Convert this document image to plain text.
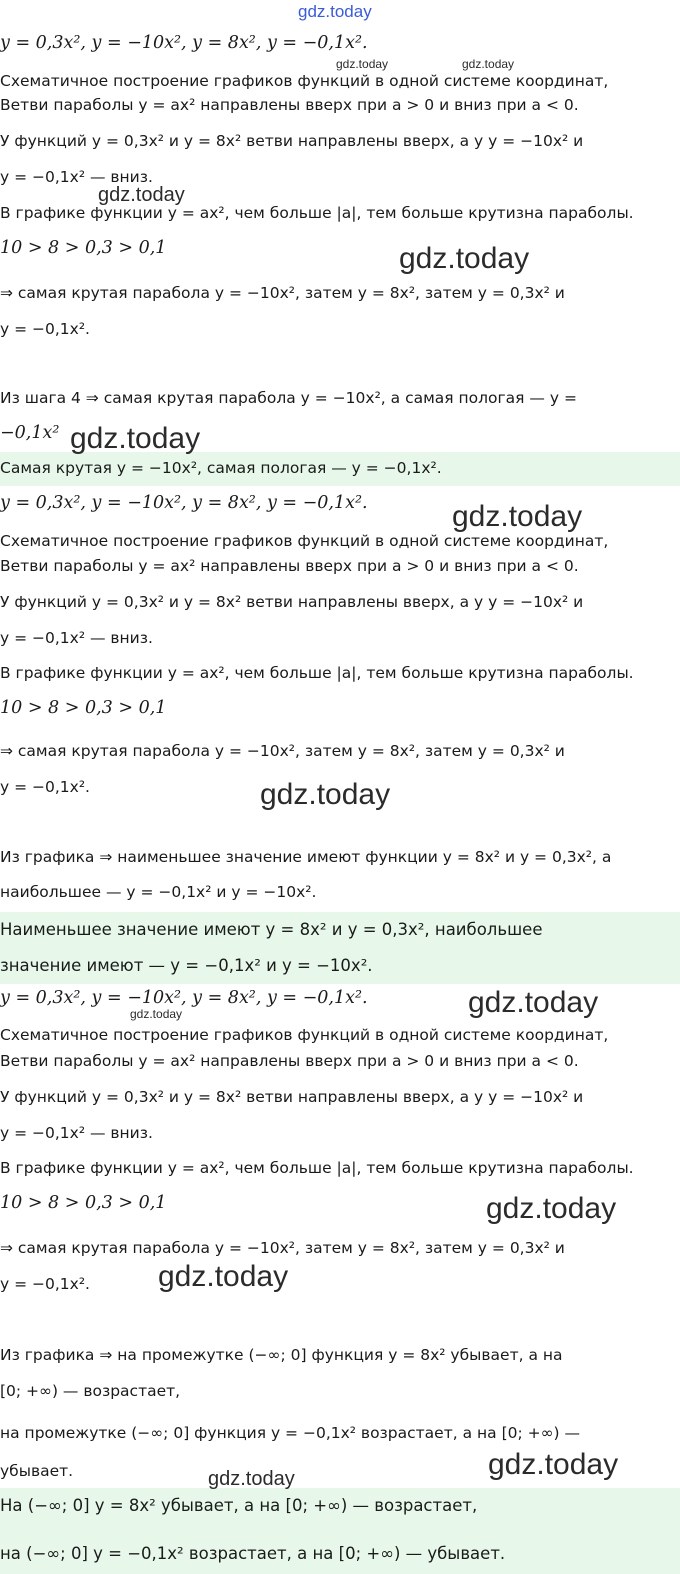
y = 0,3x², y = −10x², y = 8x², y = −0,1x².
Схематичное построение графиков функций в одной системе координат,
Ветви параболы y = ax² направлены вверх при a > 0 и вниз при a < 0.
У функций y = 0,3x² и y = 8x² ветви направлены вверх, а у y = −10x² и
y = −0,1x² — вниз.
В графике функции y = ax², чем больше |a|, тем больше крутизна параболы.
10 > 8 > 0,3 > 0,1
⇒ самая крутая парабола y = −10x², затем y = 8x², затем y = 0,3x² и
y = −0,1x².
Из шага 4 ⇒ самая крутая парабола y = −10x², а самая пологая — y =
−0,1x²
Самая крутая y = −10x², самая пологая — y = −0,1x².
y = 0,3x², y = −10x², y = 8x², y = −0,1x².
Схематичное построение графиков функций в одной системе координат,
Ветви параболы y = ax² направлены вверх при a > 0 и вниз при a < 0.
У функций y = 0,3x² и y = 8x² ветви направлены вверх, а у y = −10x² и
y = −0,1x² — вниз.
В графике функции y = ax², чем больше |a|, тем больше крутизна параболы.
10 > 8 > 0,3 > 0,1
⇒ самая крутая парабола y = −10x², затем y = 8x², затем y = 0,3x² и
y = −0,1x².
Из графика ⇒ наименьшее значение имеют функции y = 8x² и y = 0,3x², а
наибольшее — y = −0,1x² и y = −10x².
Наименьшее значение имеют y = 8x² и y = 0,3x², наибольшее
значение имеют — y = −0,1x² и y = −10x².
y = 0,3x², y = −10x², y = 8x², y = −0,1x².
Схематичное построение графиков функций в одной системе координат,
Ветви параболы y = ax² направлены вверх при a > 0 и вниз при a < 0.
У функций y = 0,3x² и y = 8x² ветви направлены вверх, а у y = −10x² и
y = −0,1x² — вниз.
В графике функции y = ax², чем больше |a|, тем больше крутизна параболы.
10 > 8 > 0,3 > 0,1
⇒ самая крутая парабола y = −10x², затем y = 8x², затем y = 0,3x² и
y = −0,1x².
Из графика ⇒ на промежутке (−∞; 0] функция y = 8x² убывает, а на
[0; +∞) — возрастает,
на промежутке (−∞; 0] функция y = −0,1x² возрастает, а на [0; +∞) —
убывает.
На (−∞; 0] y = 8x² убывает, а на [0; +∞) — возрастает,
на (−∞; 0] y = −0,1x² возрастает, а на [0; +∞) — убывает.
gdz.today
gdz.today	gdz.today
gdz.today
gdz.today
gdz.today
gdz.today
gdz.today
gdz.today
gdz.today
gdz.today
gdz.today
gdz.today	gdz.today
